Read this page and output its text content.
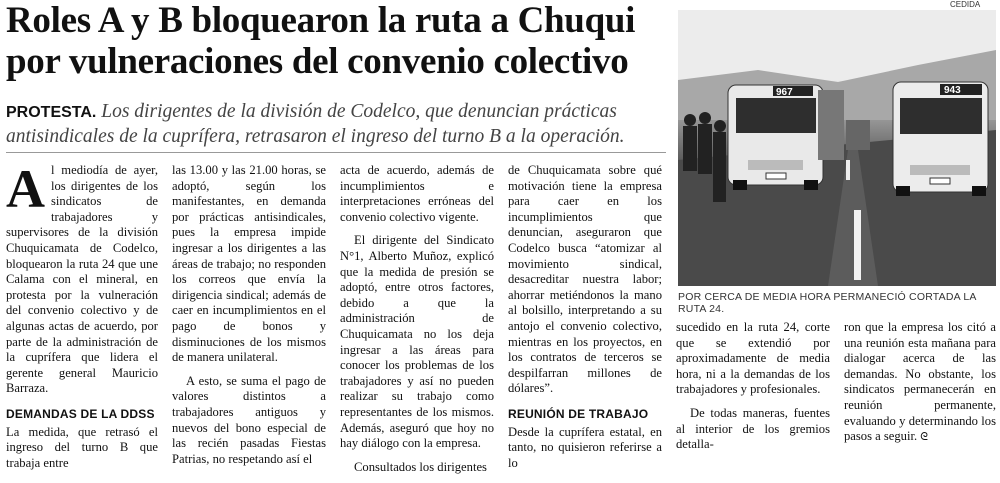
Roles A y B bloquearon la ruta a Chuqui por vulneraciones del convenio colectivo
PROTESTA. Los dirigentes de la división de Codelco, que denuncian prácticas antisindicales de la cuprífera, retrasaron el ingreso del turno B a la operación.
CEDIDA
967	943
POR CERCA DE MEDIA HORA PERMANECIÓ CORTADA LA RUTA 24.

Al mediodía de ayer, los dirigentes de los sindicatos de trabajadores y supervisores de la división Chuquicamata de Codelco, bloquearon la ruta 24 que une Calama con el mineral, en protesta por la vulneración del convenio colectivo y de algunas actas de acuerdo, por parte de la administración de la cuprífera que lidera el gerente general Mauricio Barraza.

DEMANDAS DE LA DDSS

La medida, que retrasó el ingreso del turno B que trabaja entre

las 13.00 y las 21.00 horas, se adoptó, según los manifestantes, en demanda por prácticas antisindicales, pues la empresa impide ingresar a los dirigentes a las áreas de trabajo; no responden los correos que envía la dirigencia sindical; además de caer en incumplimientos en el pago de bonos y disminuciones de los mismos de manera unilateral.

A esto, se suma el pago de valores distintos a trabajadores antiguos y nuevos del bono especial de las recién pasadas Fiestas Patrias, no respetando así el

acta de acuerdo, además de incumplimientos e interpretaciones erróneas del convenio colectivo vigente.

El dirigente del Sindicato N°1, Alberto Muñoz, explicó que la medida de presión se adoptó, entre otros factores, debido a que la administración de Chuquicamata no los deja ingresar a las áreas para conocer los problemas de los trabajadores y así no pueden realizar su trabajo como representantes de los mismos. Además, aseguró que hoy no hay diálogo con la empresa.

Consultados los dirigentes

de Chuquicamata sobre qué motivación tiene la empresa para caer en los incumplimientos que denuncian, aseguraron que Codelco busca “atomizar al movimiento sindical, desacreditar nuestra labor; ahorrar metiéndonos la mano al bolsillo, interpretando a su antojo el convenio colectivo, mientras en los proyectos, en los contratos de terceros se despilfarran millones de dólares”.

REUNIÓN DE TRABAJO

Desde la cuprífera estatal, en tanto, no quisieron referirse a lo

sucedido en la ruta 24, corte que se extendió por aproximadamente de media hora, ni a la demandas de los trabajadores y profesionales.

De todas maneras, fuentes al interior de los gremios detalla-

ron que la empresa los citó a una reunión esta mañana para dialogar acerca de las demandas. No obstante, los sindicatos permanecerán en reunión permanente, evaluando y determinando los pasos a seguir. ᘓ
